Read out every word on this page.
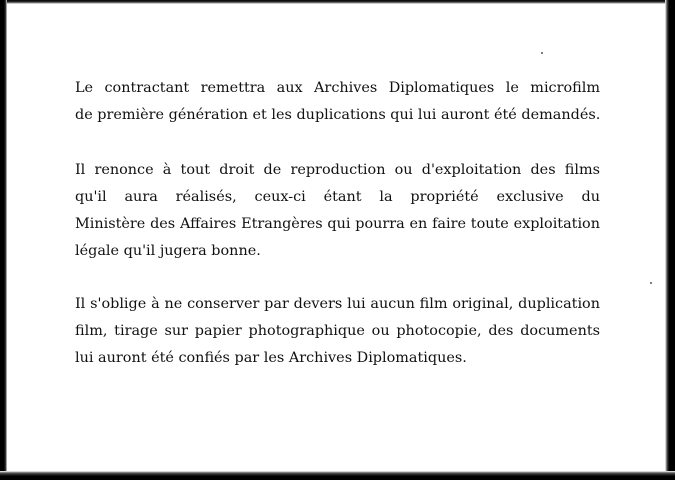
Le contractant remettra aux Archives Diplomatiques le microfilm
de première génération et les duplications qui lui auront été demandés.
Il renonce à tout droit de reproduction ou d'exploitation des films
qu'il aura réalisés, ceux-ci étant la propriété exclusive du
Ministère des Affaires Etrangères qui pourra en faire toute exploitation
légale qu'il jugera bonne.
Il s'oblige à ne conserver par devers lui aucun film original, duplication
film, tirage sur papier photographique ou photocopie, des documents
lui auront été confiés par les Archives Diplomatiques.
